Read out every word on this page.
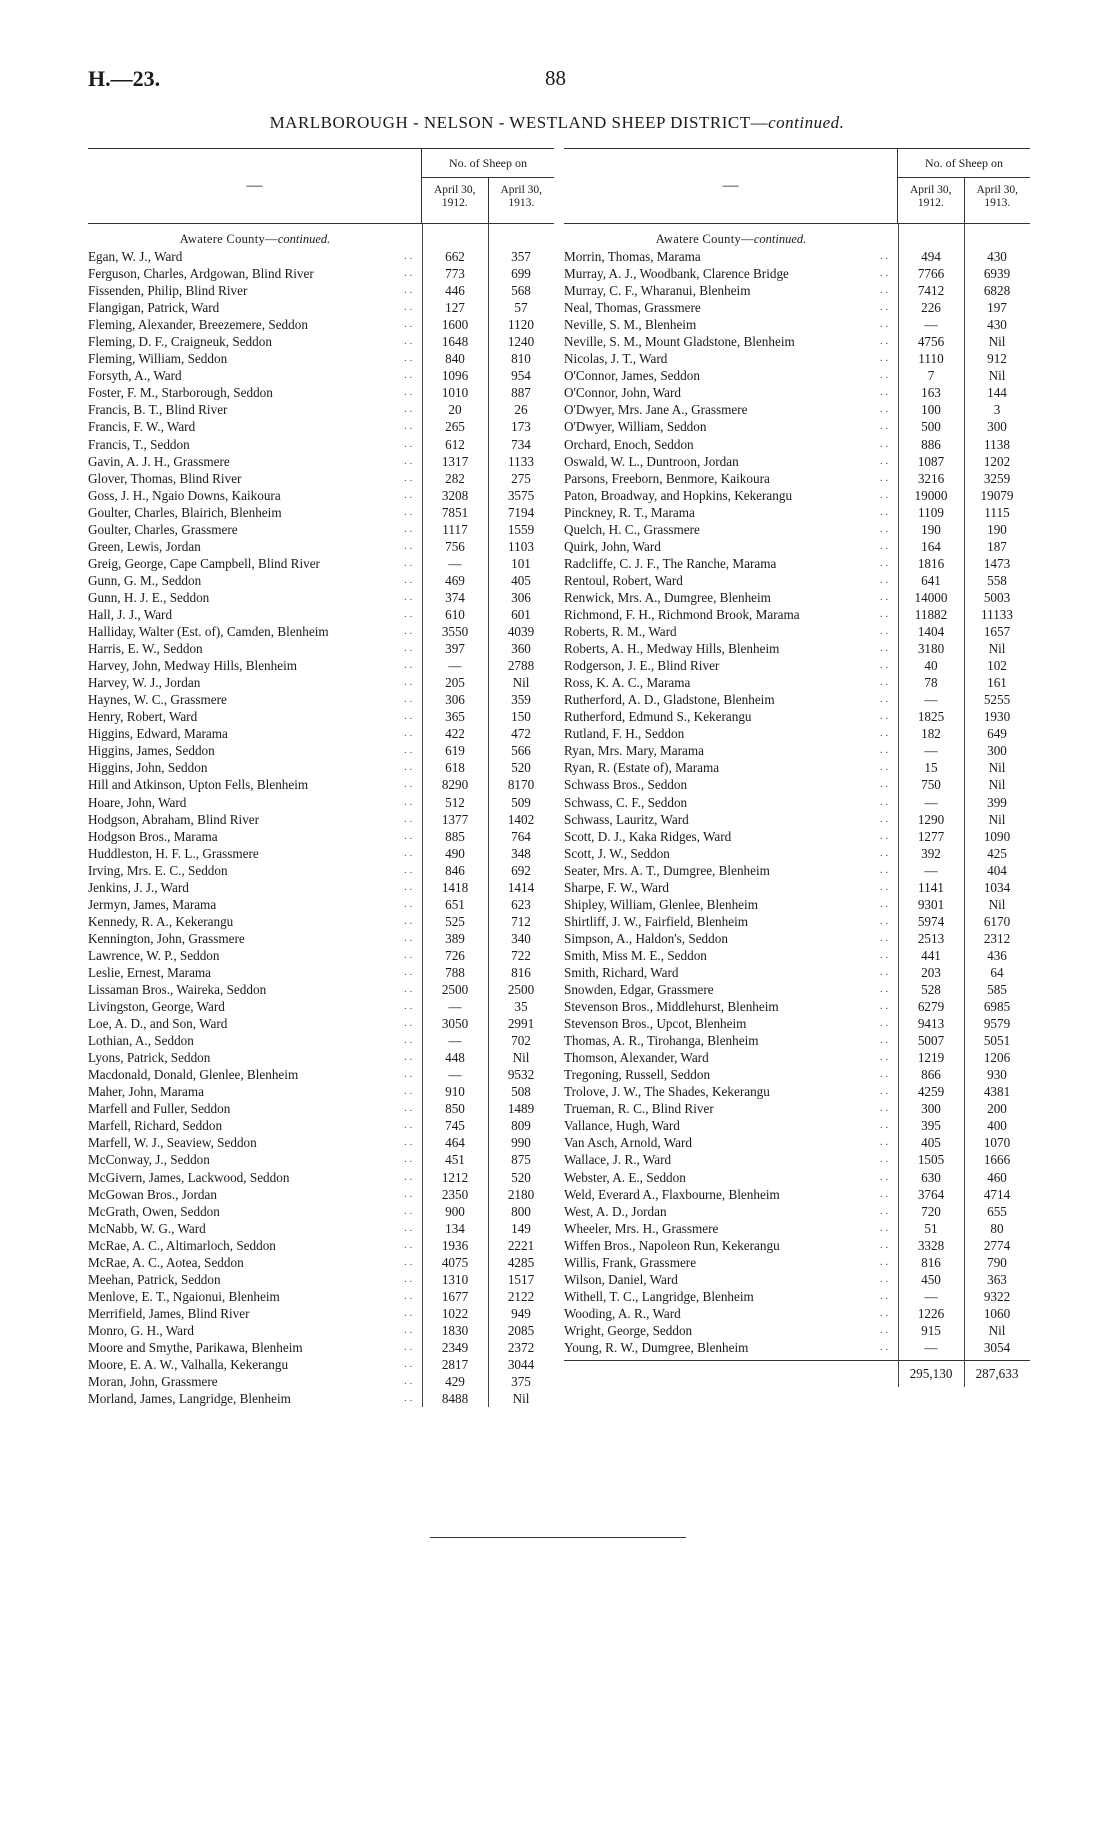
H.—23.	88
MARLBOROUGH - NELSON - WESTLAND SHEEP DISTRICT—continued.
—
No. of Sheep on
April 30, 1912.
April 30, 1913.
Awatere County—continued.
Egan, W. J., Ward	. .	662	357
Ferguson, Charles, Ardgowan, Blind River	. .	773	699
Fissenden, Philip, Blind River	. .	446	568
Flangigan, Patrick, Ward	. .	127	57
Fleming, Alexander, Breezemere, Seddon	. .	1600	1120
Fleming, D. F., Craigneuk, Seddon	. .	1648	1240
Fleming, William, Seddon	. .	840	810
Forsyth, A., Ward	. .	1096	954
Foster, F. M., Starborough, Seddon	. .	1010	887
Francis, B. T., Blind River	. .	20	26
Francis, F. W., Ward	. .	265	173
Francis, T., Seddon	. .	612	734
Gavin, A. J. H., Grassmere	. .	1317	1133
Glover, Thomas, Blind River	. .	282	275
Goss, J. H., Ngaio Downs, Kaikoura	. .	3208	3575
Goulter, Charles, Blairich, Blenheim	. .	7851	7194
Goulter, Charles, Grassmere	. .	1117	1559
Green, Lewis, Jordan	. .	756	1103
Greig, George, Cape Campbell, Blind River	. .	—	101
Gunn, G. M., Seddon	. .	469	405
Gunn, H. J. E., Seddon	. .	374	306
Hall, J. J., Ward	. .	610	601
Halliday, Walter (Est. of), Camden, Blenheim	. .	3550	4039
Harris, E. W., Seddon	. .	397	360
Harvey, John, Medway Hills, Blenheim	. .	—	2788
Harvey, W. J., Jordan	. .	205	Nil
Haynes, W. C., Grassmere	. .	306	359
Henry, Robert, Ward	. .	365	150
Higgins, Edward, Marama	. .	422	472
Higgins, James, Seddon	. .	619	566
Higgins, John, Seddon	. .	618	520
Hill and Atkinson, Upton Fells, Blenheim	. .	8290	8170
Hoare, John, Ward	. .	512	509
Hodgson, Abraham, Blind River	. .	1377	1402
Hodgson Bros., Marama	. .	885	764
Huddleston, H. F. L., Grassmere	. .	490	348
Irving, Mrs. E. C., Seddon	. .	846	692
Jenkins, J. J., Ward	. .	1418	1414
Jermyn, James, Marama	. .	651	623
Kennedy, R. A., Kekerangu	. .	525	712
Kennington, John, Grassmere	. .	389	340
Lawrence, W. P., Seddon	. .	726	722
Leslie, Ernest, Marama	. .	788	816
Lissaman Bros., Waireka, Seddon	. .	2500	2500
Livingston, George, Ward	. .	—	35
Loe, A. D., and Son, Ward	. .	3050	2991
Lothian, A., Seddon	. .	—	702
Lyons, Patrick, Seddon	. .	448	Nil
Macdonald, Donald, Glenlee, Blenheim	. .	—	9532
Maher, John, Marama	. .	910	508
Marfell and Fuller, Seddon	. .	850	1489
Marfell, Richard, Seddon	. .	745	809
Marfell, W. J., Seaview, Seddon	. .	464	990
McConway, J., Seddon	. .	451	875
McGivern, James, Lackwood, Seddon	. .	1212	520
McGowan Bros., Jordan	. .	2350	2180
McGrath, Owen, Seddon	. .	900	800
McNabb, W. G., Ward	. .	134	149
McRae, A. C., Altimarloch, Seddon	. .	1936	2221
McRae, A. C., Aotea, Seddon	. .	4075	4285
Meehan, Patrick, Seddon	. .	1310	1517
Menlove, E. T., Ngaionui, Blenheim	. .	1677	2122
Merrifield, James, Blind River	. .	1022	949
Monro, G. H., Ward	. .	1830	2085
Moore and Smythe, Parikawa, Blenheim	. .	2349	2372
Moore, E. A. W., Valhalla, Kekerangu	. .	2817	3044
Moran, John, Grassmere	. .	429	375
Morland, James, Langridge, Blenheim	. .	8488	Nil
—
No. of Sheep on
April 30, 1912.
April 30, 1913.
Awatere County—continued.
Morrin, Thomas, Marama	. .	494	430
Murray, A. J., Woodbank, Clarence Bridge	. .	7766	6939
Murray, C. F., Wharanui, Blenheim	. .	7412	6828
Neal, Thomas, Grassmere	. .	226	197
Neville, S. M., Blenheim	. .	—	430
Neville, S. M., Mount Gladstone, Blenheim	. .	4756	Nil
Nicolas, J. T., Ward	. .	1110	912
O'Connor, James, Seddon	. .	7	Nil
O'Connor, John, Ward	. .	163	144
O'Dwyer, Mrs. Jane A., Grassmere	. .	100	3
O'Dwyer, William, Seddon	. .	500	300
Orchard, Enoch, Seddon	. .	886	1138
Oswald, W. L., Duntroon, Jordan	. .	1087	1202
Parsons, Freeborn, Benmore, Kaikoura	. .	3216	3259
Paton, Broadway, and Hopkins, Kekerangu	. .	19000	19079
Pinckney, R. T., Marama	. .	1109	1115
Quelch, H. C., Grassmere	. .	190	190
Quirk, John, Ward	. .	164	187
Radcliffe, C. J. F., The Ranche, Marama	. .	1816	1473
Rentoul, Robert, Ward	. .	641	558
Renwick, Mrs. A., Dumgree, Blenheim	. .	14000	5003
Richmond, F. H., Richmond Brook, Marama	. .	11882	11133
Roberts, R. M., Ward	. .	1404	1657
Roberts, A. H., Medway Hills, Blenheim	. .	3180	Nil
Rodgerson, J. E., Blind River	. .	40	102
Ross, K. A. C., Marama	. .	78	161
Rutherford, A. D., Gladstone, Blenheim	. .	—	5255
Rutherford, Edmund S., Kekerangu	. .	1825	1930
Rutland, F. H., Seddon	. .	182	649
Ryan, Mrs. Mary, Marama	. .	—	300
Ryan, R. (Estate of), Marama	. .	15	Nil
Schwass Bros., Seddon	. .	750	Nil
Schwass, C. F., Seddon	. .	—	399
Schwass, Lauritz, Ward	. .	1290	Nil
Scott, D. J., Kaka Ridges, Ward	. .	1277	1090
Scott, J. W., Seddon	. .	392	425
Seater, Mrs. A. T., Dumgree, Blenheim	. .	—	404
Sharpe, F. W., Ward	. .	1141	1034
Shipley, William, Glenlee, Blenheim	. .	9301	Nil
Shirtliff, J. W., Fairfield, Blenheim	. .	5974	6170
Simpson, A., Haldon's, Seddon	. .	2513	2312
Smith, Miss M. E., Seddon	. .	441	436
Smith, Richard, Ward	. .	203	64
Snowden, Edgar, Grassmere	. .	528	585
Stevenson Bros., Middlehurst, Blenheim	. .	6279	6985
Stevenson Bros., Upcot, Blenheim	. .	9413	9579
Thomas, A. R., Tirohanga, Blenheim	. .	5007	5051
Thomson, Alexander, Ward	. .	1219	1206
Tregoning, Russell, Seddon	. .	866	930
Trolove, J. W., The Shades, Kekerangu	. .	4259	4381
Trueman, R. C., Blind River	. .	300	200
Vallance, Hugh, Ward	. .	395	400
Van Asch, Arnold, Ward	. .	405	1070
Wallace, J. R., Ward	. .	1505	1666
Webster, A. E., Seddon	. .	630	460
Weld, Everard A., Flaxbourne, Blenheim	. .	3764	4714
West, A. D., Jordan	. .	720	655
Wheeler, Mrs. H., Grassmere	. .	51	80
Wiffen Bros., Napoleon Run, Kekerangu	. .	3328	2774
Willis, Frank, Grassmere	. .	816	790
Wilson, Daniel, Ward	. .	450	363
Withell, T. C., Langridge, Blenheim	. .	—	9322
Wooding, A. R., Ward	. .	1226	1060
Wright, George, Seddon	. .	915	Nil
Young, R. W., Dumgree, Blenheim	. .	—	3054
295,130	287,633
